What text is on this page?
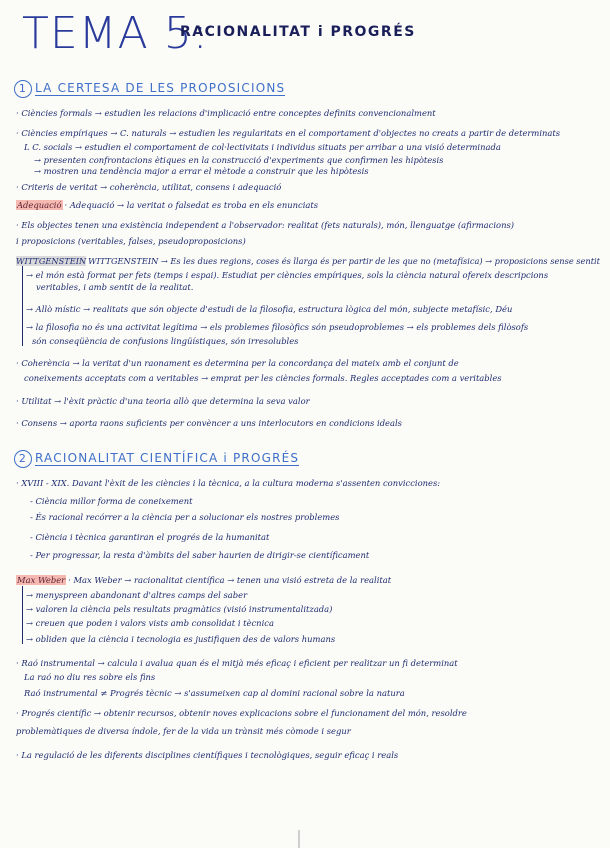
TEMA 5:
RACIONALITAT i PROGRÉS
1 LA CERTESA DE LES PROPOSICIONS
· Ciències formals → estudien les relacions d'implicació entre conceptes definits convencionalment
· Ciències empíriques → C. naturals → estudien les regularitats en el comportament d'objectes no creats a partir de determinats
L C. socials → estudien el comportament de col·lectivitats i individus situats per arribar a una visió determinada
→ presenten confrontacions ètiques en la construcció d'experiments que confirmen les hipòtesis
→ mostren una tendència major a errar el mètode a construir que les hipòtesis
· Criteris de veritat → coherència, utilitat, consens i adequació
Adequació · Adequació → la veritat o falsedat es troba en els enunciats
· Els objectes tenen una existència independent a l'observador: realitat (fets naturals), món, llenguatge (afirmacions)
i proposicions (veritables, falses, pseudoproposicions)
WITTGENSTEIN WITTGENSTEIN → Es les dues regions, coses és llarga és per partir de les que no (metafísica) → proposicions sense sentit
→ el món està format per fets (temps i espai). Estudiat per ciències empíriques, sols la ciència natural ofereix descripcions
veritables, i amb sentit de la realitat.
→ Allò místic → realitats que són objecte d'estudi de la filosofia, estructura lògica del món, subjecte metafísic, Déu
→ la filosofia no és una activitat legítima → els problemes filosòfics són pseudoproblemes → els problemes dels filòsofs
són conseqüència de confusions lingüístiques, són irresolubles
· Coherència → la veritat d'un raonament es determina per la concordança del mateix amb el conjunt de
coneixements acceptats com a veritables → emprat per les ciències formals. Regles acceptades com a veritables
· Utilitat → l'èxit pràctic d'una teoria allò que determina la seva valor
· Consens → aporta raons suficients per convèncer a uns interlocutors en condicions ideals
2 RACIONALITAT CIENTÍFICA i PROGRÉS
· XVIII - XIX. Davant l'èxit de les ciències i la tècnica, a la cultura moderna s'assenten convicciones:
- Ciència millor forma de coneixement
- És racional recórrer a la ciència per a solucionar els nostres problemes
- Ciència i tècnica garantiran el progrés de la humanitat
- Per progressar, la resta d'àmbits del saber haurien de dirigir-se científicament
Max Weber · Max Weber → racionalitat científica → tenen una visió estreta de la realitat
→ menyspreen abandonant d'altres camps del saber
→ valoren la ciència pels resultats pragmàtics (visió instrumentalitzada)
→ creuen que poden i valors vists amb consolidat i tècnica
→ obliden que la ciència i tecnologia es justifiquen des de valors humans
· Raó instrumental → calcula i avalua quan és el mitjà més eficaç i eficient per realitzar un fi determinat
La raó no diu res sobre els fins
Raó instrumental ≠ Progrés tècnic → s'assumeixen cap al domini racional sobre la natura
· Progrés científic → obtenir recursos, obtenir noves explicacions sobre el funcionament del món, resoldre
problemàtiques de diversa índole, fer de la vida un trànsit més còmode i segur
· La regulació de les diferents disciplines científiques i tecnològiques, seguir eficaç i reals
